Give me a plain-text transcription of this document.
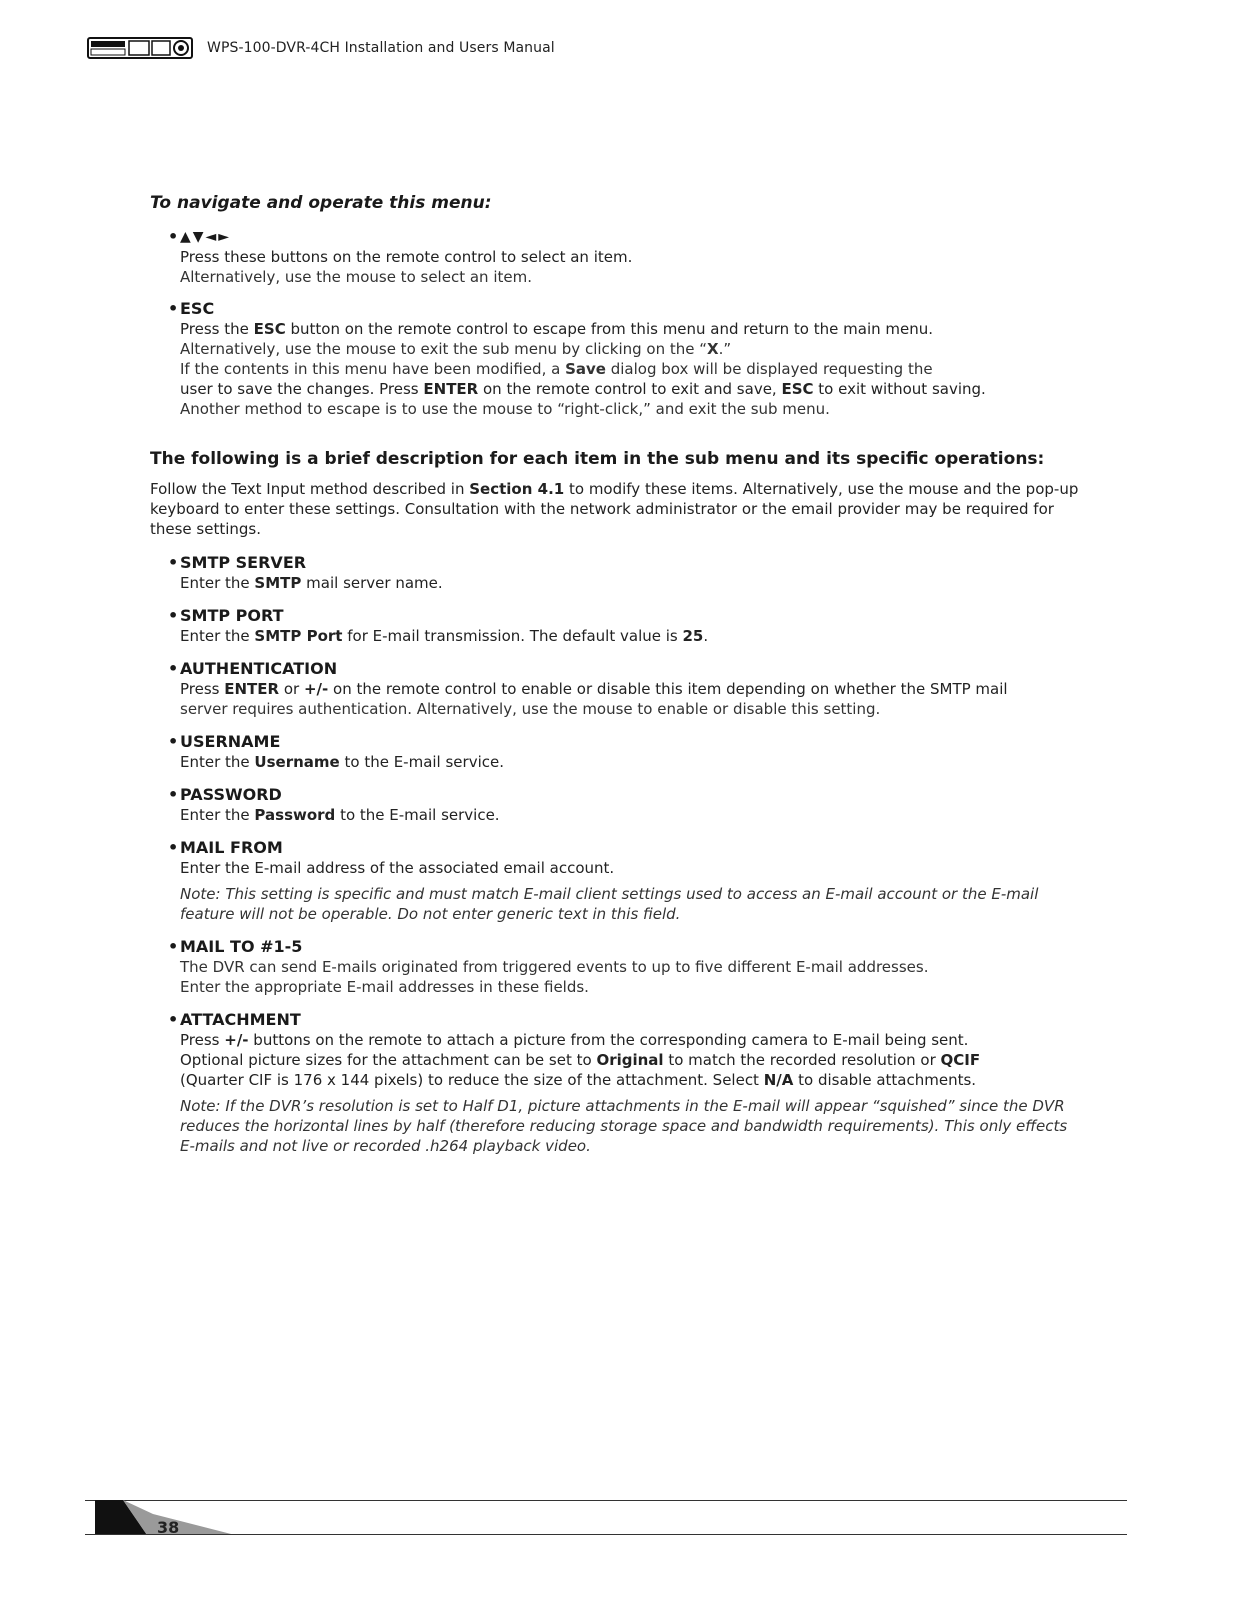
WPS-100-DVR-4CH Installation and Users Manual

To navigate and operate this menu:

• ▲▼◄►
Press these buttons on the remote control to select an item.
Alternatively, use the mouse to select an item.
• ESC
Press the ESC button on the remote control to escape from this menu and return to the main menu.
Alternatively, use the mouse to exit the sub menu by clicking on the “X.”
If the contents in this menu have been modified, a Save dialog box will be displayed requesting the
user to save the changes. Press ENTER on the remote control to exit and save, ESC to exit without saving.
Another method to escape is to use the mouse to “right-click,” and exit the sub menu.

The following is a brief description for each item in the sub menu and its specific operations:

Follow the Text Input method described in Section 4.1 to modify these items. Alternatively, use the mouse and the pop-up keyboard to enter these settings. Consultation with the network administrator or the email provider may be required for these settings.

• SMTP SERVER
Enter the SMTP mail server name.
• SMTP PORT
Enter the SMTP Port for E-mail transmission. The default value is 25.
• AUTHENTICATION
Press ENTER or +/- on the remote control to enable or disable this item depending on whether the SMTP mail
server requires authentication. Alternatively, use the mouse to enable or disable this setting.
• USERNAME
Enter the Username to the E-mail service.
• PASSWORD
Enter the Password to the E-mail service.
• MAIL FROM
Enter the E-mail address of the associated email account.
Note: This setting is specific and must match E-mail client settings used to access an E-mail account or the E-mail feature will not be operable. Do not enter generic text in this field.
• MAIL TO #1-5
The DVR can send E-mails originated from triggered events to up to five different E-mail addresses.
Enter the appropriate E-mail addresses in these fields.
• ATTACHMENT
Press +/- buttons on the remote to attach a picture from the corresponding camera to E-mail being sent.
Optional picture sizes for the attachment can be set to Original to match the recorded resolution or QCIF
(Quarter CIF is 176 x 144 pixels) to reduce the size of the attachment. Select N/A to disable attachments.
Note: If the DVR’s resolution is set to Half D1, picture attachments in the E-mail will appear “squished” since the DVR reduces the horizontal lines by half (therefore reducing storage space and bandwidth requirements). This only effects E-mails and not live or recorded .h264 playback video.
38
